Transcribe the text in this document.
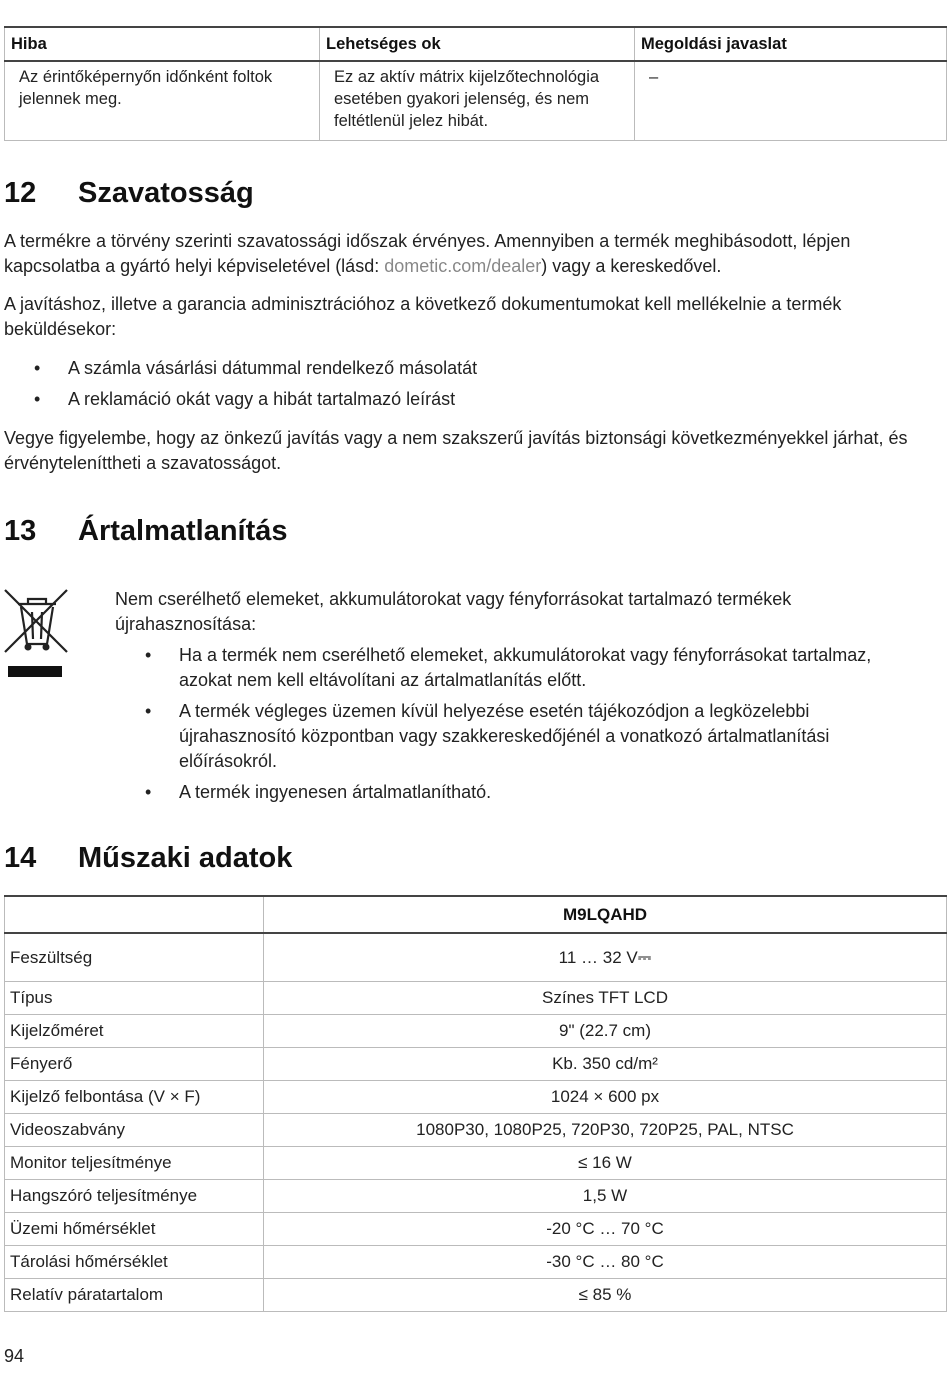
Hiba	Lehetséges ok	Megoldási javaslat
Az érintőképernyőn időnként foltok jelennek meg.	Ez az aktív mátrix kijelzőtechnológia esetében gyakori jelenség, és nem feltétlenül jelez hibát.	–
12 Szavatosság

A termékre a törvény szerinti szavatossági időszak érvényes. Amennyiben a termék meghibásodott, lépjen kapcsolatba a gyártó helyi képviseletével (lásd: dometic.com/dealer) vagy a kereskedővel.

A javításhoz, illetve a garancia adminisztrációhoz a következő dokumentumokat kell mellékelnie a termék beküldésekor:

• A számla vásárlási dátummal rendelkező másolatát
• A reklamáció okát vagy a hibát tartalmazó leírást

Vegye figyelembe, hogy az önkezű javítás vagy a nem szakszerű javítás biztonsági következményekkel járhat, és érvényteleníttheti a szavatosságot.

13 Ártalmatlanítás

Nem cserélhető elemeket, akkumulátorokat vagy fényforrásokat tartalmazó termékek újrahasznosítása:

• Ha a termék nem cserélhető elemeket, akkumulátorokat vagy fényforrásokat tartalmaz, azokat nem kell eltávolítani az ártalmatlanítás előtt.
• A termék végleges üzemen kívül helyezése esetén tájékozódjon a legközelebbi újrahasznosító központban vagy szakkereskedőjénél a vonatkozó ártalmatlanítási előírásokról.
• A termék ingyenesen ártalmatlanítható.
14 Műszaki adatok
	M9LQAHD
Feszültség	11 … 32 V⎓
Típus	Színes TFT LCD
Kijelzőméret	9" (22.7 cm)
Fényerő	Kb. 350 cd/m²
Kijelző felbontása (V × F)	1024 × 600 px
Videoszabvány	1080P30, 1080P25, 720P30, 720P25, PAL, NTSC
Monitor teljesítménye	≤ 16 W
Hangszóró teljesítménye	1,5 W
Üzemi hőmérséklet	-20 °C … 70 °C
Tárolási hőmérséklet	-30 °C … 80 °C
Relatív páratartalom	≤ 85 %
94
